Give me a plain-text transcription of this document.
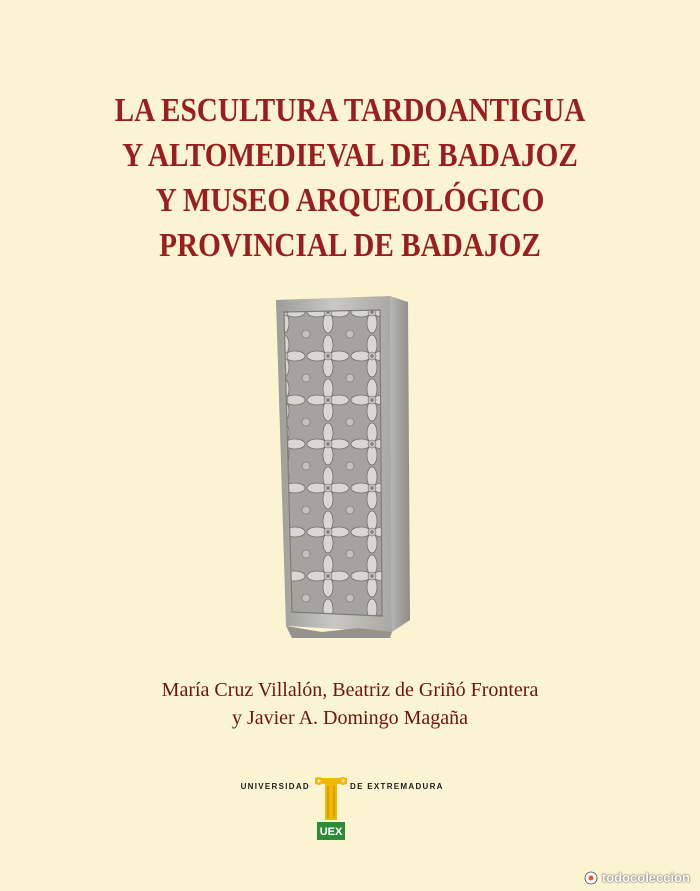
LA ESCULTURA TARDOANTIGUA
Y ALTOMEDIEVAL DE BADAJOZ
Y MUSEO ARQUEOLÓGICO
PROVINCIAL DE BADAJOZ
María Cruz Villalón, Beatriz de Griñó Frontera
y Javier A. Domingo Magaña
UNIVERSIDAD
UEX
DE EXTREMADURA
todocoleccion
